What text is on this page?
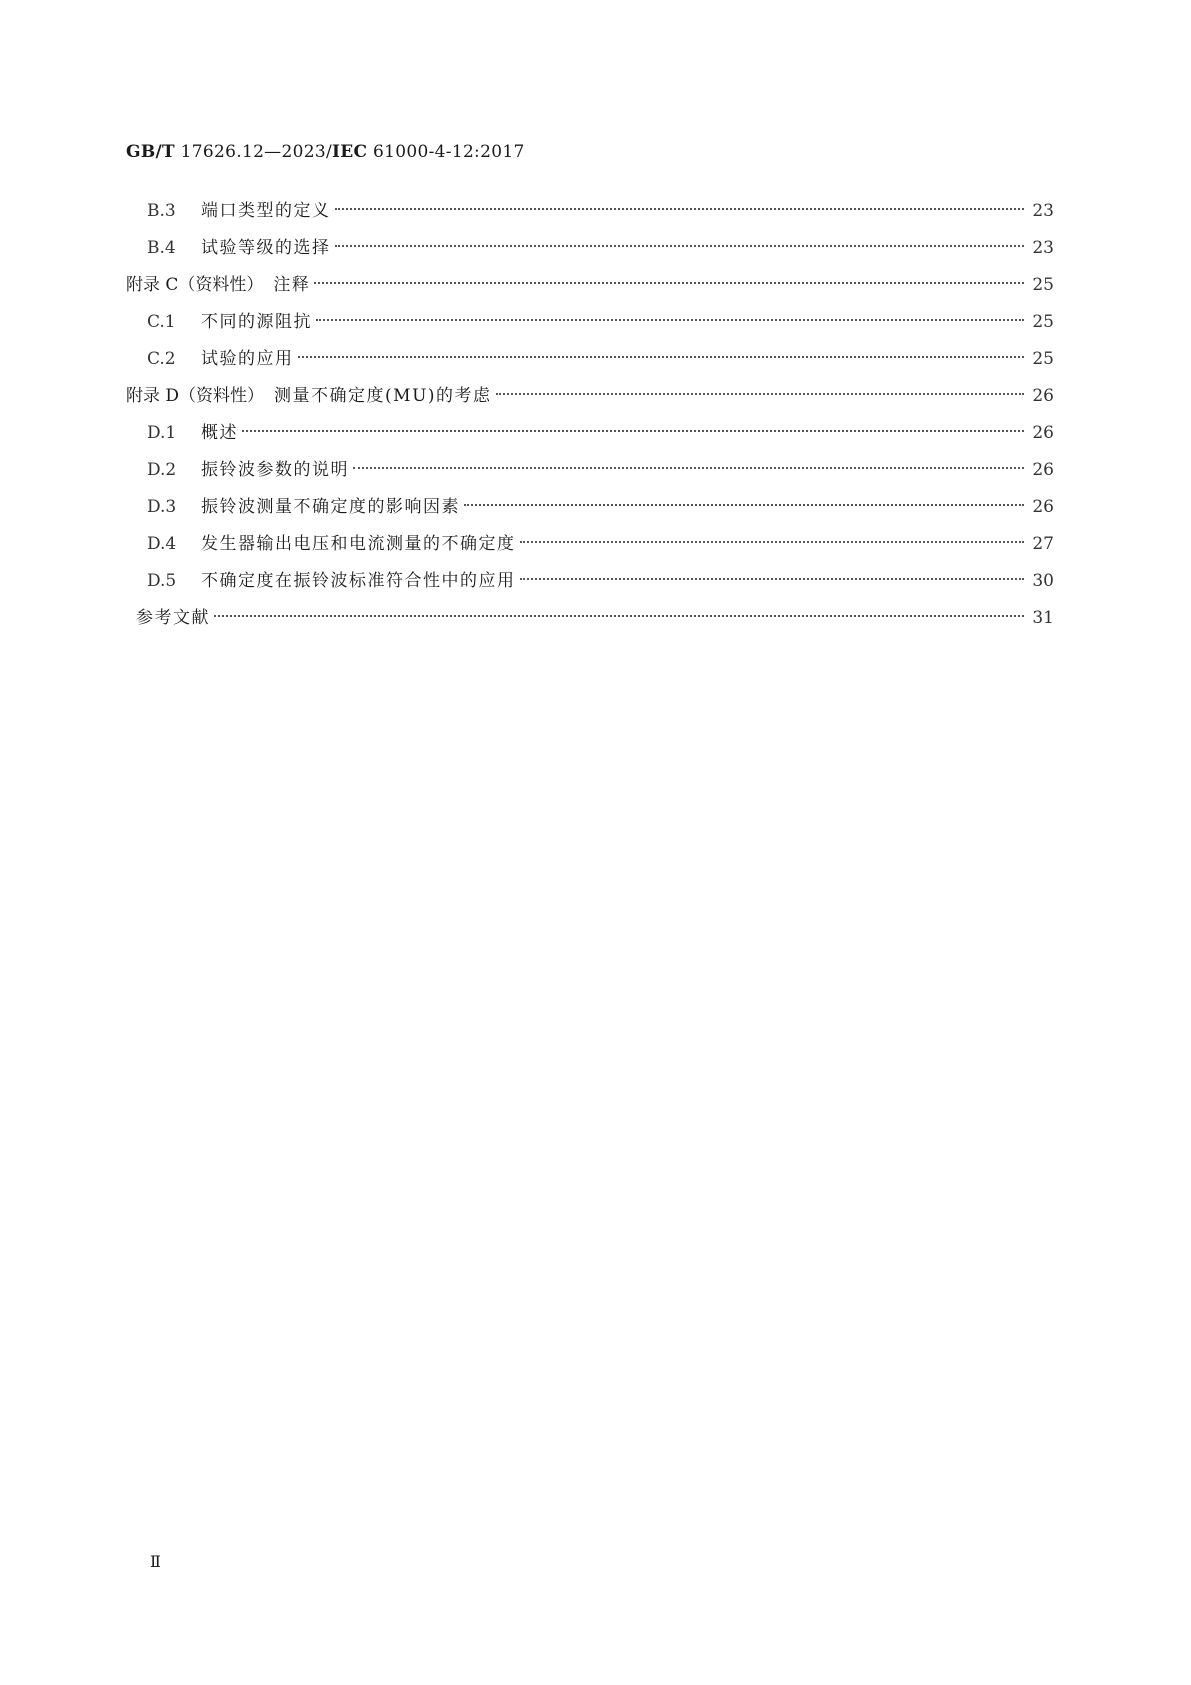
GB/T 17626.12—2023/IEC 61000-4-12:2017
B.3	端口类型的定义	23
B.4	试验等级的选择	23
附录 C（资料性） 注释	25
C.1	不同的源阻抗	25
C.2	试验的应用	25
附录 D（资料性） 测量不确定度(MU)的考虑	26
D.1	概述	26
D.2	振铃波参数的说明	26
D.3	振铃波测量不确定度的影响因素	26
D.4	发生器输出电压和电流测量的不确定度	27
D.5	不确定度在振铃波标准符合性中的应用	30
参考文献	31
Ⅱ
